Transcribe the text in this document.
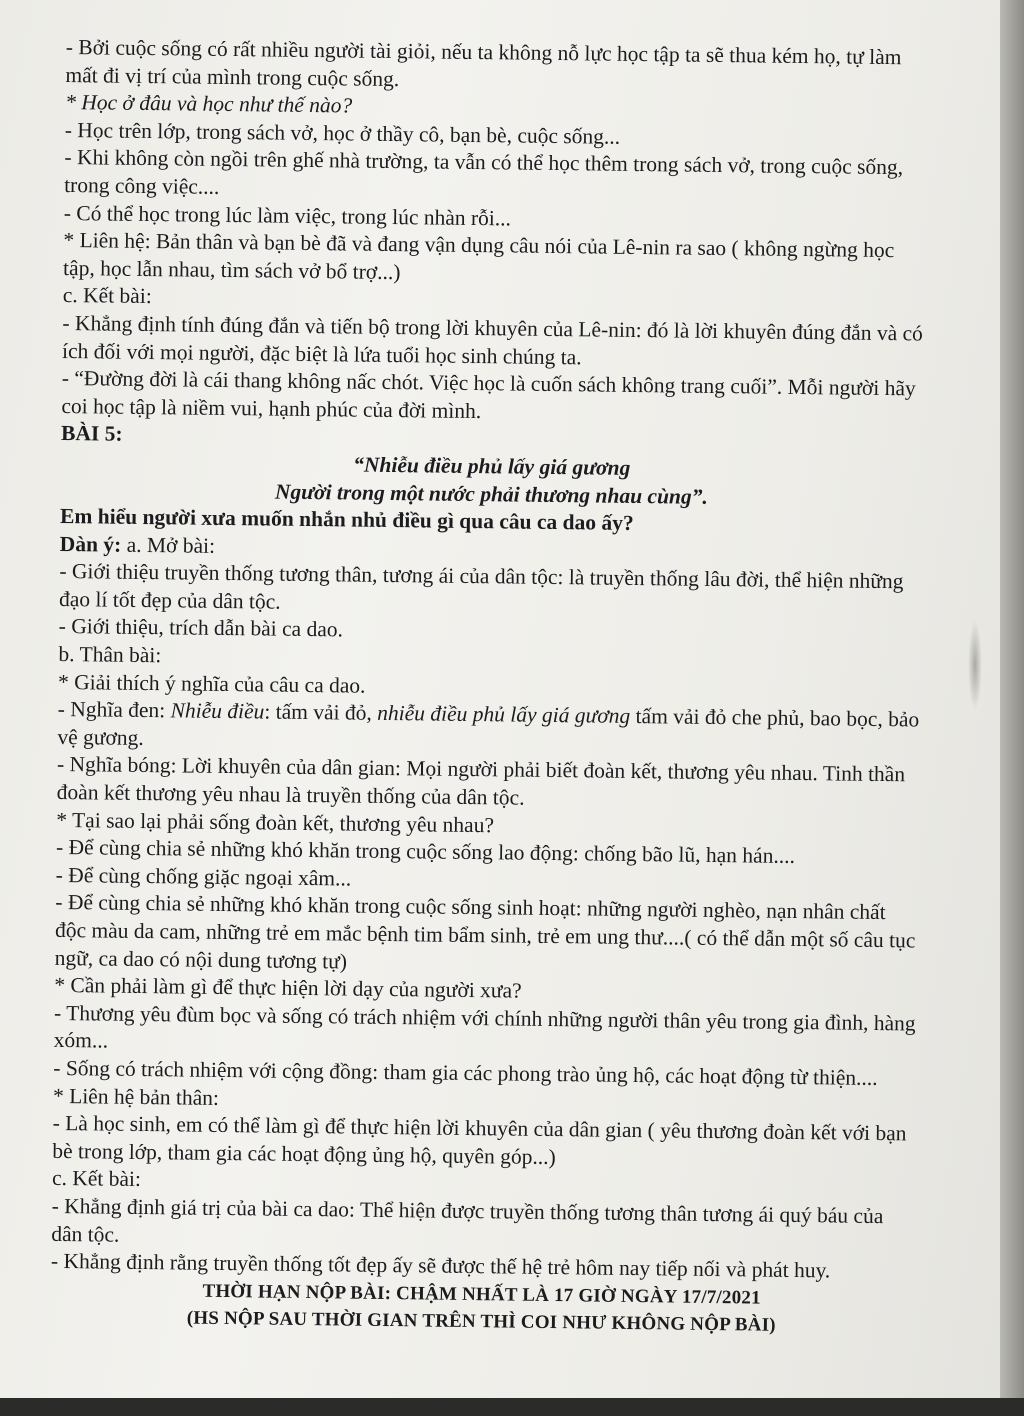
- Bởi cuộc sống có rất nhiều người tài giỏi, nếu ta không nỗ lực học tập ta sẽ thua kém họ, tự làm mất đi vị trí của mình trong cuộc sống.

* Học ở đâu và học như thế nào?

- Học trên lớp, trong sách vở, học ở thầy cô, bạn bè, cuộc sống...

- Khi không còn ngồi trên ghế nhà trường, ta vẫn có thể học thêm trong sách vở, trong cuộc sống, trong công việc....

- Có thể học trong lúc làm việc, trong lúc nhàn rỗi...

* Liên hệ: Bản thân và bạn bè đã và đang vận dụng câu nói của Lê-nin ra sao ( không ngừng học tập, học lẫn nhau, tìm sách vở bổ trợ...)

c. Kết bài:

- Khẳng định tính đúng đắn và tiến bộ trong lời khuyên của Lê-nin: đó là lời khuyên đúng đắn và có ích đối với mọi người, đặc biệt là lứa tuổi học sinh chúng ta.

- “Đường đời là cái thang không nấc chót. Việc học là cuốn sách không trang cuối”. Mỗi người hãy coi học tập là niềm vui, hạnh phúc của đời mình.

BÀI 5:

“Nhiễu điều phủ lấy giá gương

Người trong một nước phải thương nhau cùng”.

Em hiểu người xưa muốn nhắn nhủ điều gì qua câu ca dao ấy?

Dàn ý: a. Mở bài:

- Giới thiệu truyền thống tương thân, tương ái của dân tộc: là truyền thống lâu đời, thể hiện những đạo lí tốt đẹp của dân tộc.

- Giới thiệu, trích dẫn bài ca dao.

b. Thân bài:

* Giải thích ý nghĩa của câu ca dao.

- Nghĩa đen: Nhiễu điều: tấm vải đỏ, nhiễu điều phủ lấy giá gương tấm vải đỏ che phủ, bao bọc, bảo vệ gương.

- Nghĩa bóng: Lời khuyên của dân gian: Mọi người phải biết đoàn kết, thương yêu nhau. Tinh thần đoàn kết thương yêu nhau là truyền thống của dân tộc.

* Tại sao lại phải sống đoàn kết, thương yêu nhau?

- Để cùng chia sẻ những khó khăn trong cuộc sống lao động: chống bão lũ, hạn hán....

- Để cùng chống giặc ngoại xâm...

- Để cùng chia sẻ những khó khăn trong cuộc sống sinh hoạt: những người nghèo, nạn nhân chất độc màu da cam, những trẻ em mắc bệnh tim bẩm sinh, trẻ em ung thư....( có thể dẫn một số câu tục ngữ, ca dao có nội dung tương tự)

* Cần phải làm gì để thực hiện lời dạy của người xưa?

- Thương yêu đùm bọc và sống có trách nhiệm với chính những người thân yêu trong gia đình, hàng xóm...

- Sống có trách nhiệm với cộng đồng: tham gia các phong trào ủng hộ, các hoạt động từ thiện....

* Liên hệ bản thân:

- Là học sinh, em có thể làm gì để thực hiện lời khuyên của dân gian ( yêu thương đoàn kết với bạn bè trong lớp, tham gia các hoạt động ủng hộ, quyên góp...)

c. Kết bài:

- Khẳng định giá trị của bài ca dao: Thể hiện được truyền thống tương thân tương ái quý báu của dân tộc.

- Khẳng định rằng truyền thống tốt đẹp ấy sẽ được thế hệ trẻ hôm nay tiếp nối và phát huy.

THỜI HẠN NỘP BÀI: CHẬM NHẤT LÀ 17 GIỜ NGÀY 17/7/2021

(HS NỘP SAU THỜI GIAN TRÊN THÌ COI NHƯ KHÔNG NỘP BÀI)
